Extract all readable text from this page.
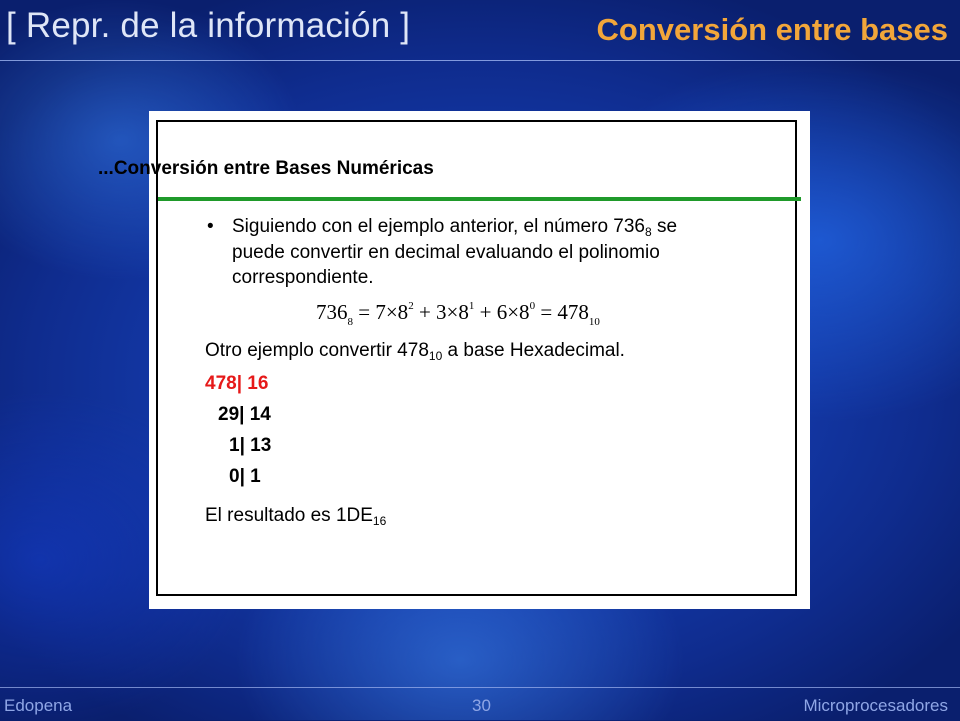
[ Repr. de la información ]	Conversión entre bases
...Conversión entre Bases Numéricas
• Siguiendo con el ejemplo anterior, el número $736_8$ se
puede convertir en decimal evaluando el polinomio
correspondiente.
$736_8 = 7\times 8^2 + 3\times 8^1 + 6\times 8^0 = 478_{10}$
Otro ejemplo convertir $478_{10}$ a base Hexadecimal.
478| 16
29| 14
1| 13
0| 1
El resultado es $1DE_{16}$
Edopena	30	Microprocesadores
